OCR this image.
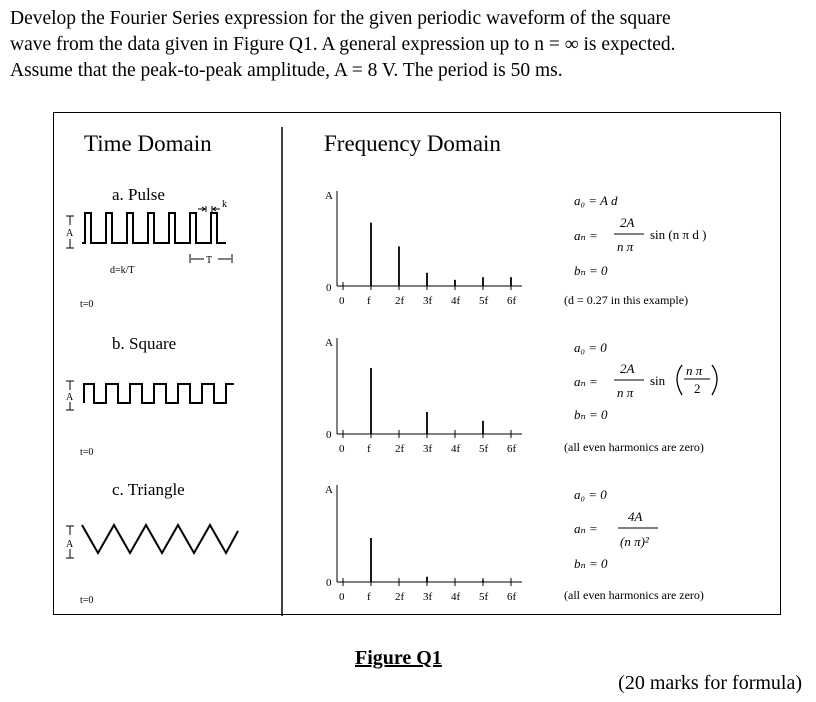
Develop the Fourier Series expression for the given periodic waveform of the square

wave from the data given in Figure Q1. A general expression up to n = ∞ is expected.

Assume that the peak-to-peak amplitude, A = 8 V. The period is 50 ms.

Time Domain	Frequency Domain
a. Pulse
k
A
T
d=k/T
t=0
A
0
0 f 2f 3f 4f 5f 6f
a₀ = A d
aₙ =
2A
n π
sin (n π d )
bₙ = 0
(d = 0.27 in this example)
b. Square
A
t=0
A
0
0 f 2f 3f 4f 5f 6f
a₀ = 0
aₙ =
2A
n π
sin
n π
2
bₙ = 0
(all even harmonics are zero)
c. Triangle
A
t=0
A
0
0 f 2f 3f 4f 5f 6f
a₀ = 0
aₙ =
4A
(n π)²
bₙ = 0
(all even harmonics are zero)
Figure Q1
(20 marks for formula)
